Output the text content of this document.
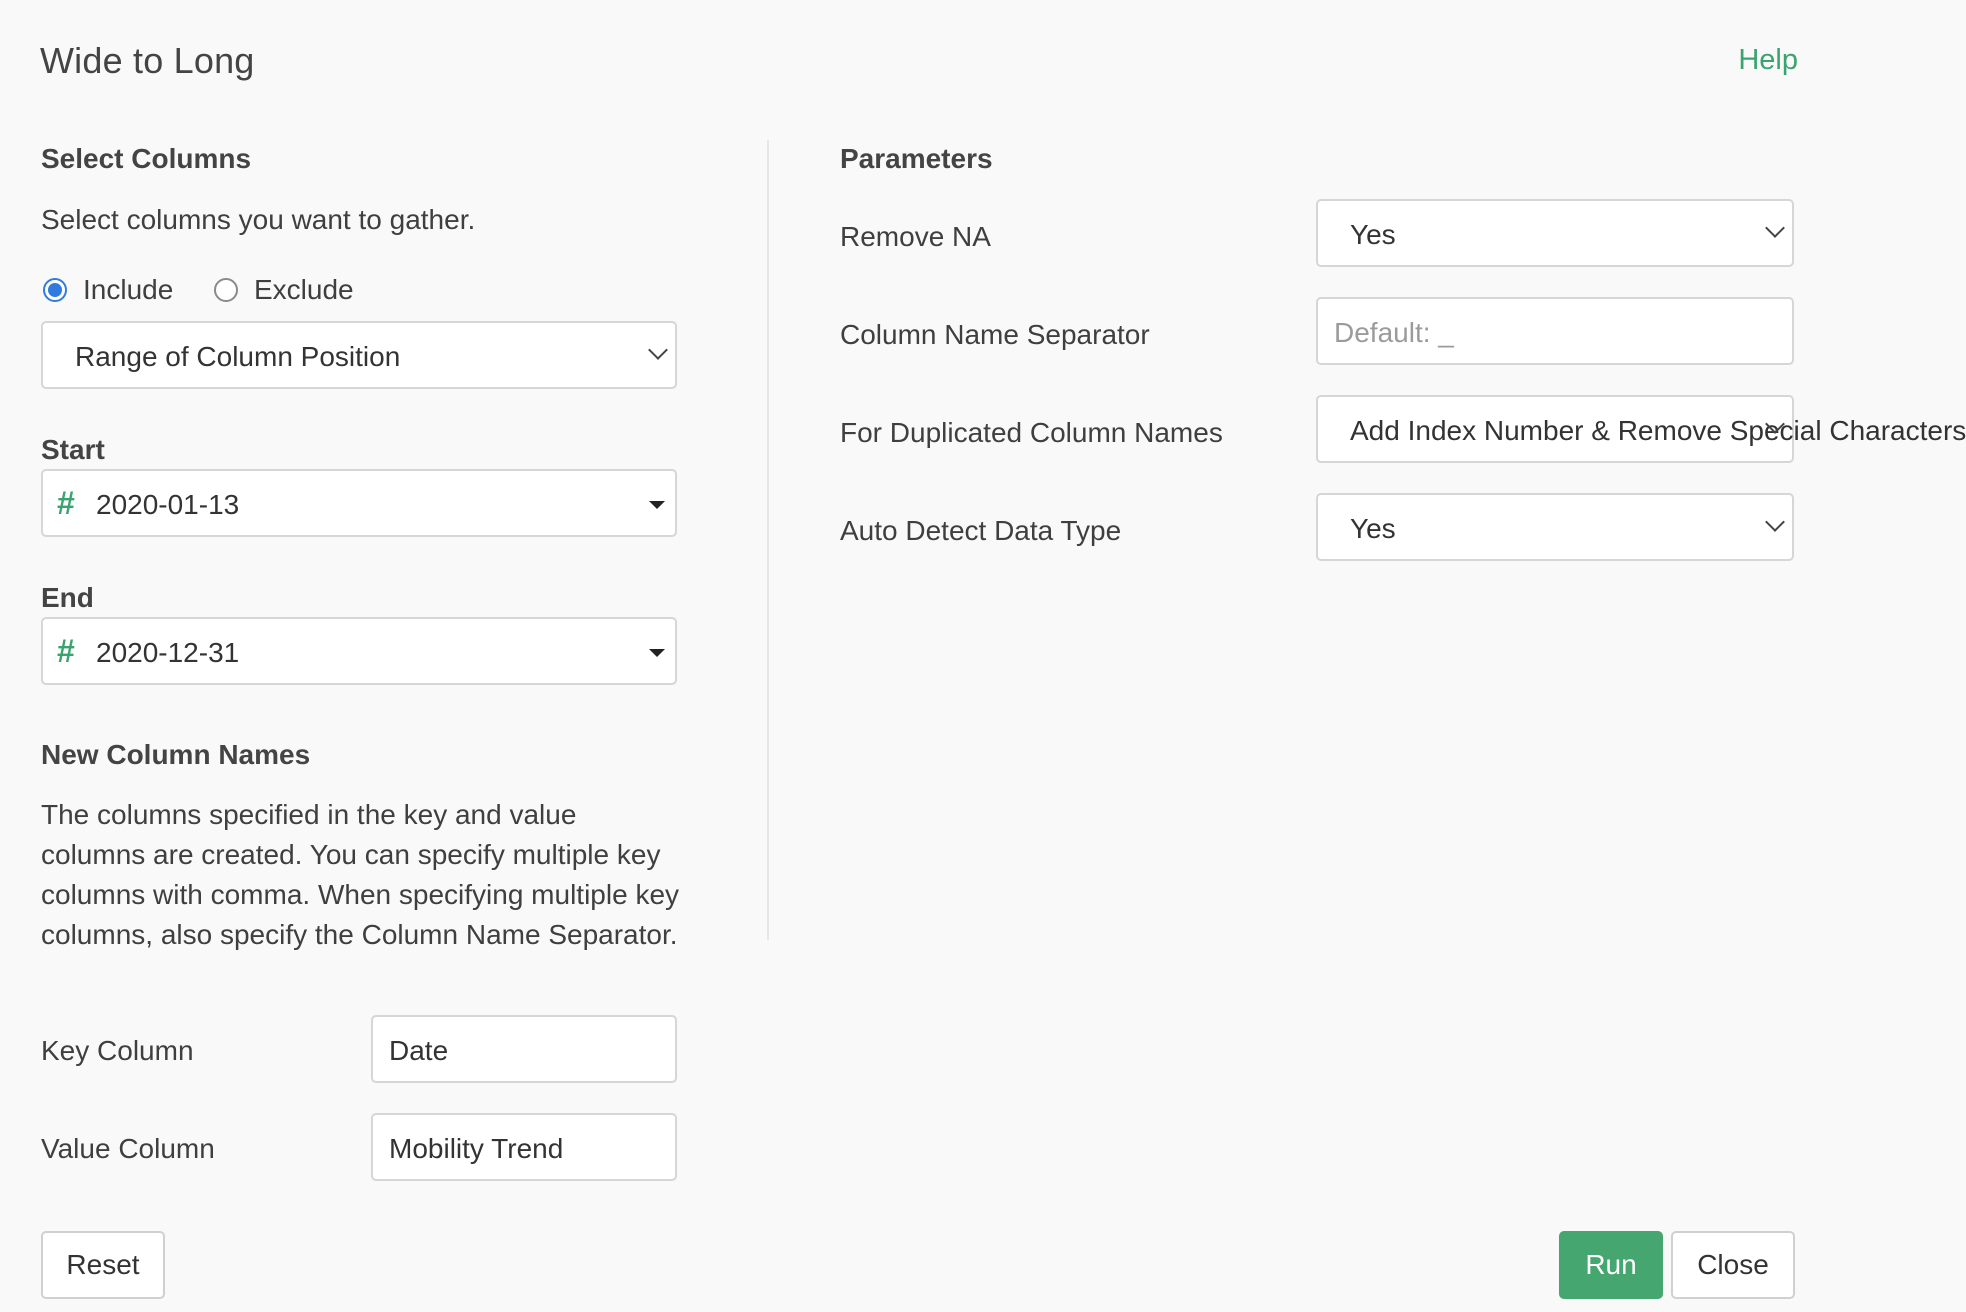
Wide to Long	Help
Select Columns
Select columns you want to gather.
Include	Exclude
Range of Column Position
Start
# 2020-01-13
End
# 2020-12-31
New Column Names
The columns specified in the key and value columns are created. You can specify multiple key columns with comma. When specifying multiple key columns, also specify the Column Name Separator.
Key Column	Date
Value Column	Mobility Trend
Parameters
Remove NA	Yes
Column Name Separator	Default: _
For Duplicated Column Names	Add Index Number & Remove Special Characters
Auto Detect Data Type	Yes
Reset	Run	Close
